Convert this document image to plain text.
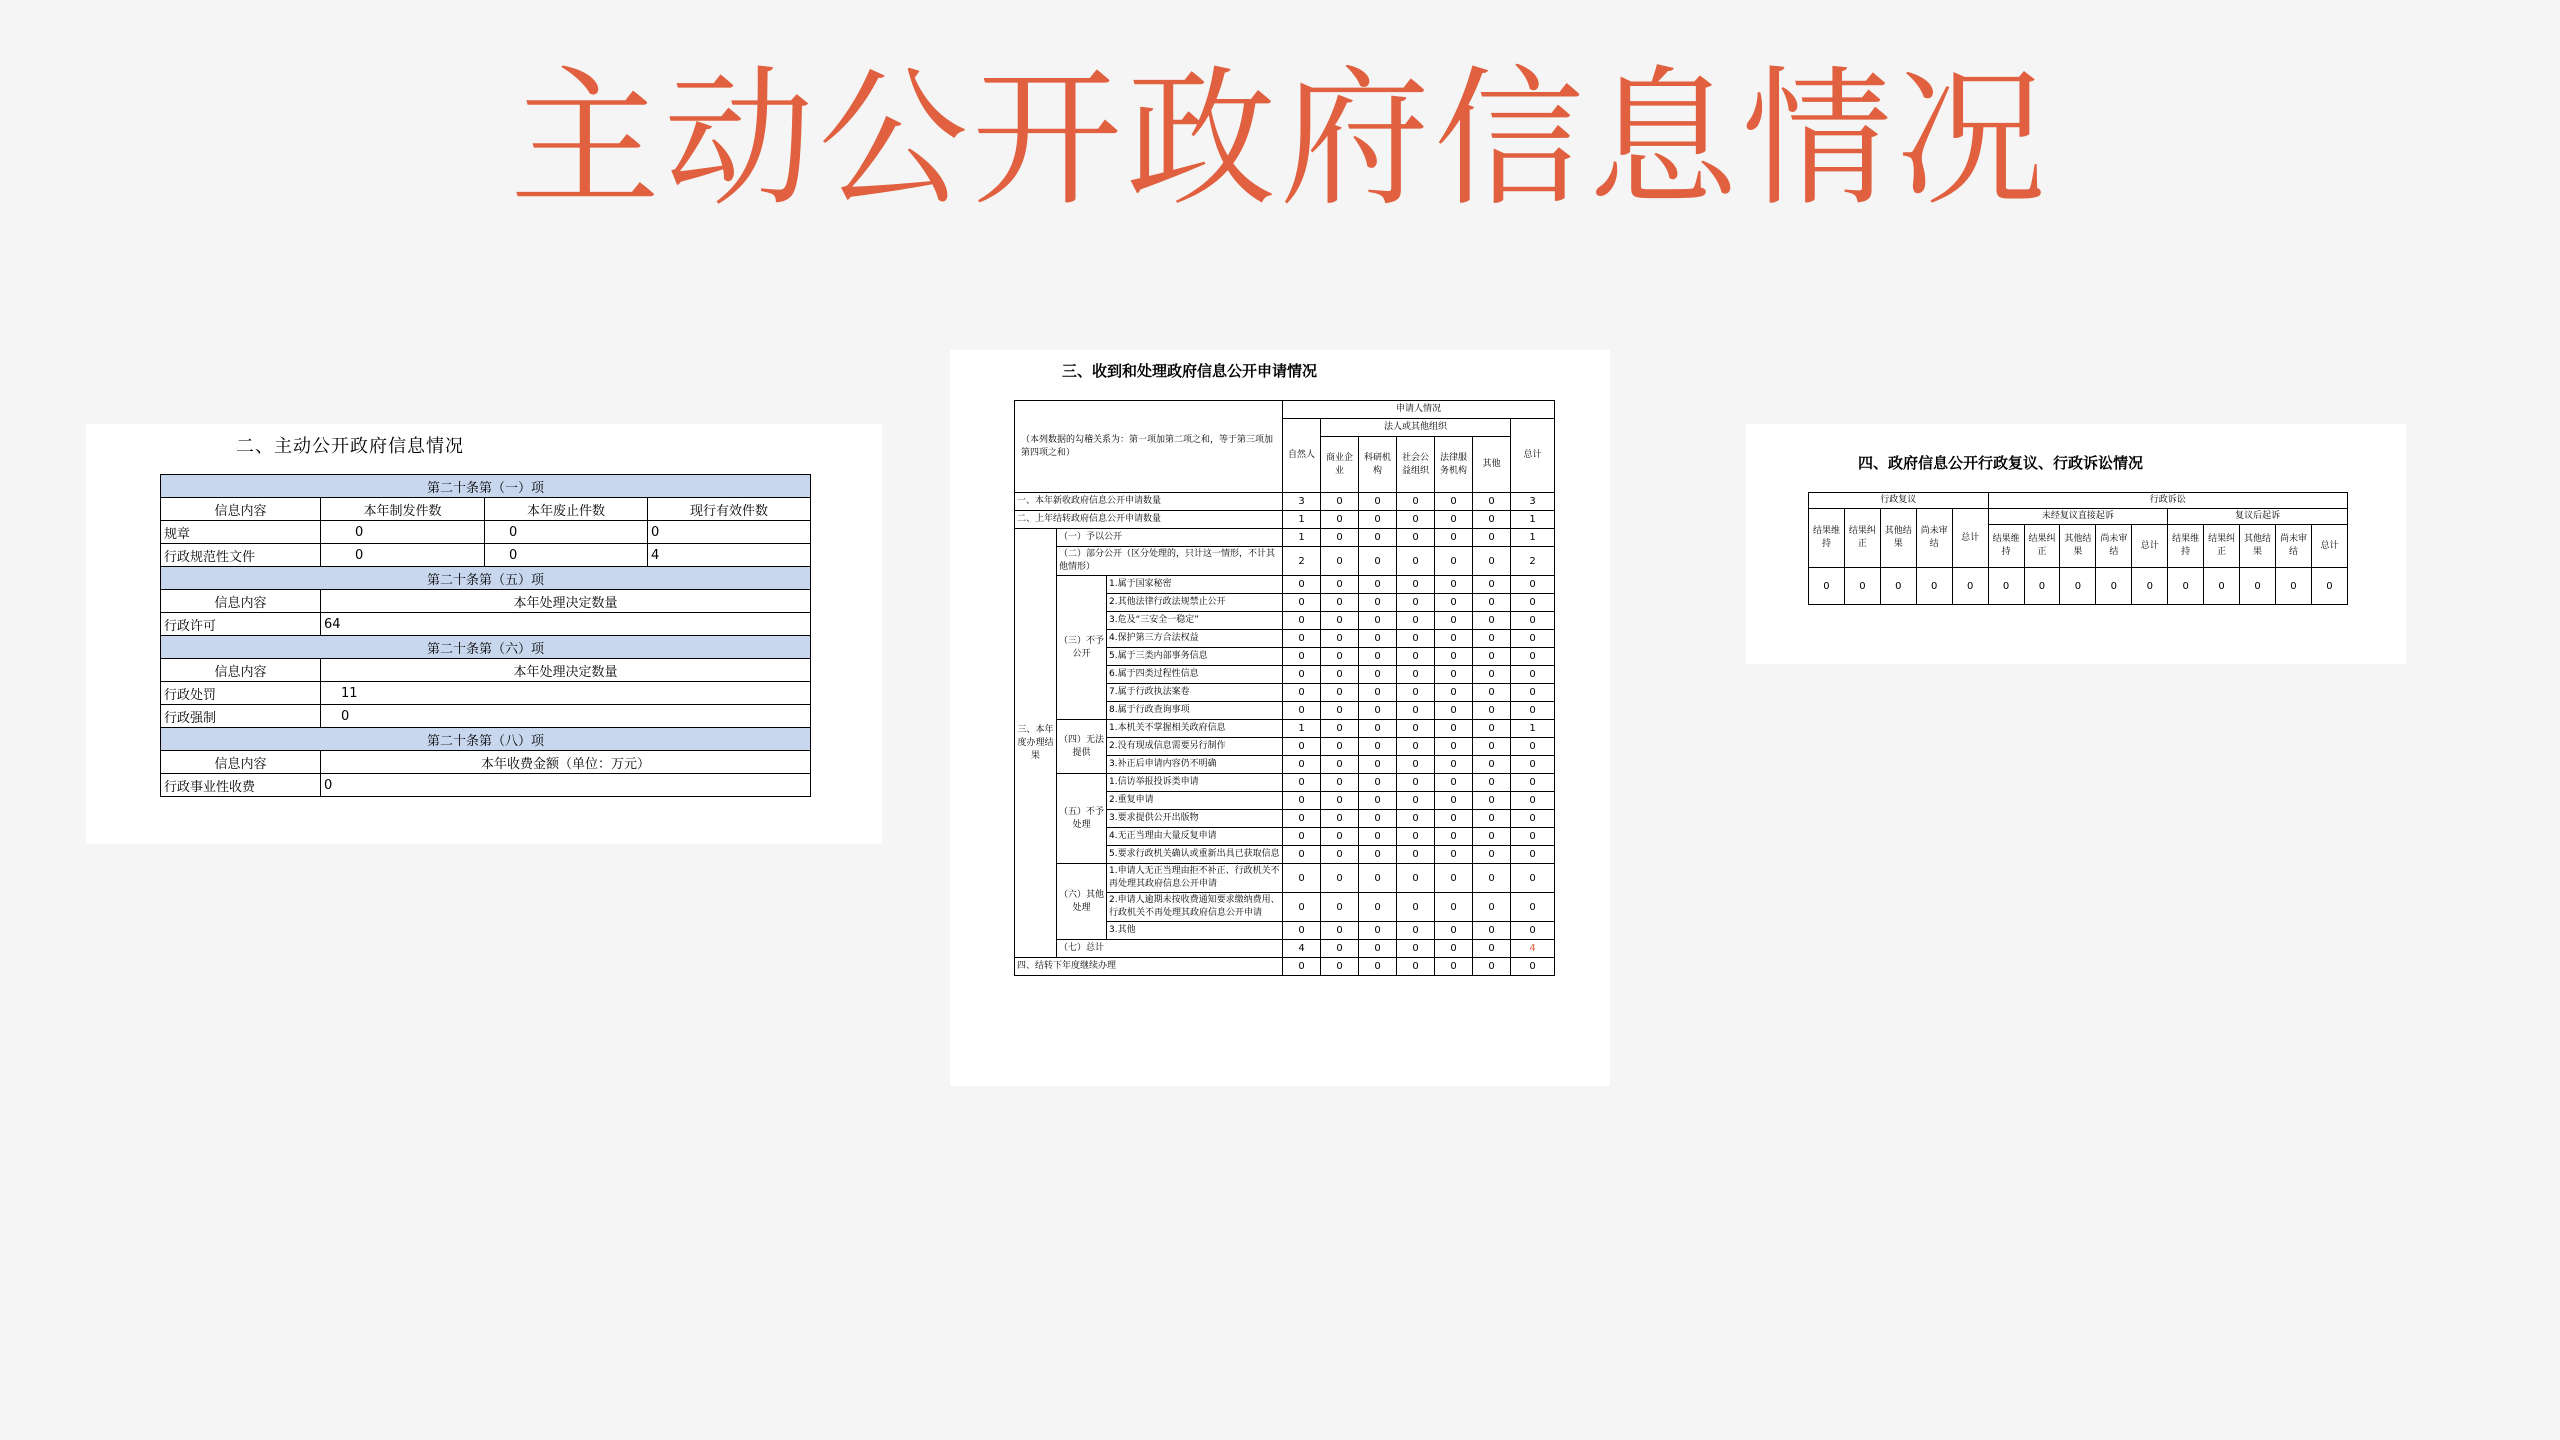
主动公开政府信息情况
二、主动公开政府信息情况
第二十条第（一）项			
信息内容	本年制发件数	本年废止件数	现行有效件数
规章	0	0	0
行政规范性文件	0	0	4
第二十条第（五）项			
信息内容	本年处理决定数量		
行政许可	64		
第二十条第（六）项			
信息内容	本年处理决定数量		
行政处罚	11		
行政强制	0		
第二十条第（八）项			
信息内容	本年收费金额（单位：万元）		
行政事业性收费	0		
三、收到和处理政府信息公开申请情况
（本列数据的勾稽关系为：第一项加第二项之和，等于第三项加第四项之和）			申请人情况						
			自然人	法人或其他组织					总计
				商业企业	科研机构	社会公益组织	法律服务机构	其他	
一、本年新收政府信息公开申请数量			3	0	0	0	0	0	3
二、上年结转政府信息公开申请数量			1	0	0	0	0	0	1
三、本年度办理结果	（一）予以公开		1	0	0	0	0	0	1
	（二）部分公开（区分处理的，只计这一情形，不计其他情形）		2	0	0	0	0	0	2
	（三）不予公开	1.属于国家秘密	0	0	0	0	0	0	0
		2.其他法律行政法规禁止公开	0	0	0	0	0	0	0
		3.危及“三安全一稳定”	0	0	0	0	0	0	0
		4.保护第三方合法权益	0	0	0	0	0	0	0
		5.属于三类内部事务信息	0	0	0	0	0	0	0
		6.属于四类过程性信息	0	0	0	0	0	0	0
		7.属于行政执法案卷	0	0	0	0	0	0	0
		8.属于行政查询事项	0	0	0	0	0	0	0
	（四）无法提供	1.本机关不掌握相关政府信息	1	0	0	0	0	0	1
		2.没有现成信息需要另行制作	0	0	0	0	0	0	0
		3.补正后申请内容仍不明确	0	0	0	0	0	0	0
	（五）不予处理	1.信访举报投诉类申请	0	0	0	0	0	0	0
		2.重复申请	0	0	0	0	0	0	0
		3.要求提供公开出版物	0	0	0	0	0	0	0
		4.无正当理由大量反复申请	0	0	0	0	0	0	0
		5.要求行政机关确认或重新出具已获取信息	0	0	0	0	0	0	0
	（六）其他处理	1.申请人无正当理由拒不补正、行政机关不再处理其政府信息公开申请	0	0	0	0	0	0	0
		2.申请人逾期未按收费通知要求缴纳费用、行政机关不再处理其政府信息公开申请	0	0	0	0	0	0	0
		3.其他	0	0	0	0	0	0	0
	（七）总计		4	0	0	0	0	0	4
四、结转下年度继续办理			0	0	0	0	0	0	0
四、政府信息公开行政复议、行政诉讼情况
行政复议					行政诉讼									
结果维持	结果纠正	其他结果	尚未审结	总计	未经复议直接起诉					复议后起诉				
					结果维持	结果纠正	其他结果	尚未审结	总计	结果维持	结果纠正	其他结果	尚未审结	总计
0	0	0	0	0	0	0	0	0	0	0	0	0	0	0
